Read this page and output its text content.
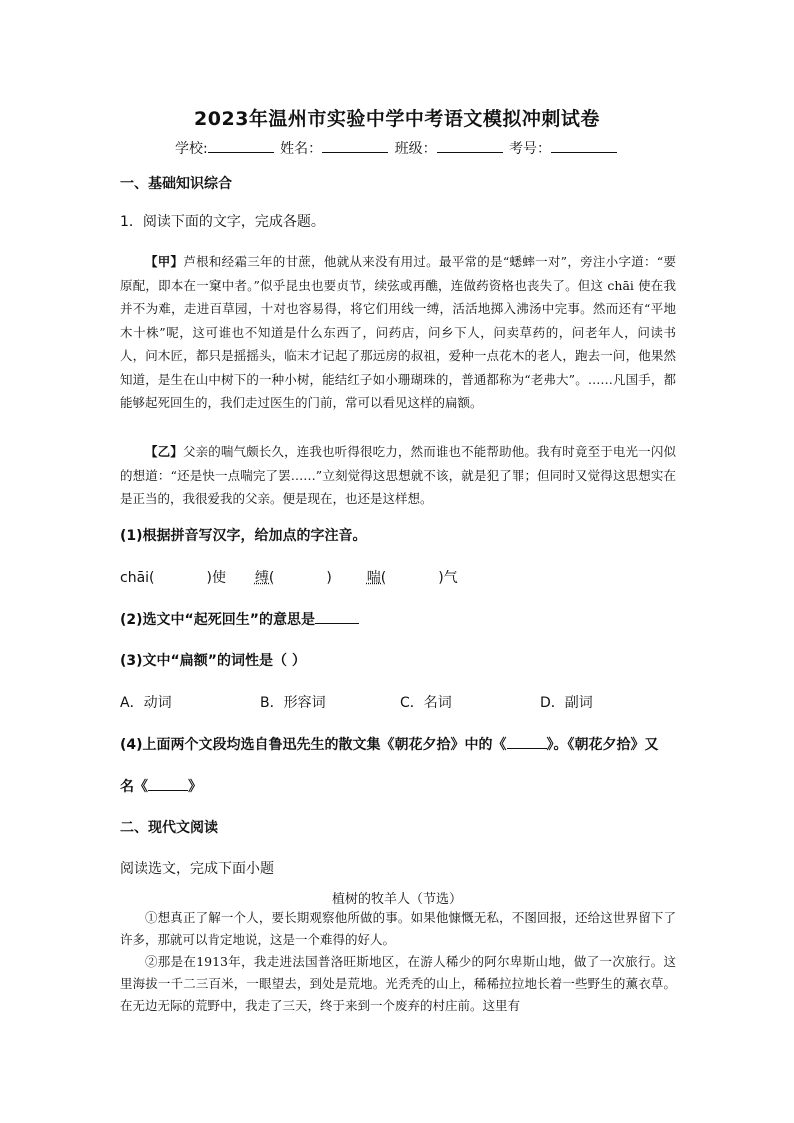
2023年温州市实验中学中考语文模拟冲刺试卷
学校:	姓名：	班级：	考号：
一、基础知识综合
1．阅读下面的文字，完成各题。
【甲】芦根和经霜三年的甘蔗，他就从来没有用过。最平常的是“蟋蟀一对”，旁注小字道：“要原配，即本在一窠中者。”似乎昆虫也要贞节，续弦或再醮，连做药资格也丧失了。但这 chāi 使在我并不为难，走进百草园，十对也容易得，将它们用线一缚，活活地掷入沸汤中完事。然而还有“平地木十株”呢，这可谁也不知道是什么东西了，问药店，问乡下人，问卖草药的，问老年人，问读书人，问木匠，都只是摇摇头，临末才记起了那远房的叔祖，爱种一点花木的老人，跑去一问，他果然知道，是生在山中树下的一种小树，能结红子如小珊瑚珠的，普通都称为“老弗大”。……凡国手，都能够起死回生的，我们走过医生的门前，常可以看见这样的扁额。
【乙】父亲的喘气颇长久，连我也听得很吃力，然而谁也不能帮助他。我有时竟至于电光一闪似的想道：“还是快一点喘完了罢……”立刻觉得这思想就不该，就是犯了罪；但同时又觉得这思想实在是正当的，我很爱我的父亲。便是现在，也还是这样想。
(1)根据拼音写汉字，给加点的字注音。
chāi(	)使 缚(	) 喘(	)气
(2)选文中“起死回生”的意思是
(3)文中“扁额”的词性是（ ）
A．动词	B．形容词	C．名词	D．副词
(4)上面两个文段均选自鲁迅先生的散文集《朝花夕拾》中的《	》。《朝花夕拾》又
名《	》
二、现代文阅读
阅读选文，完成下面小题
植树的牧羊人（节选）
①想真正了解一个人，要长期观察他所做的事。如果他慷慨无私，不图回报，还给这世界留下了许多，那就可以肯定地说，这是一个难得的好人。
②那是在1913年，我走进法国普洛旺斯地区，在游人稀少的阿尔卑斯山地，做了一次旅行。这里海拔一千二三百米，一眼望去，到处是荒地。光秃秃的山上，稀稀拉拉地长着一些野生的薰衣草。在无边无际的荒野中，我走了三天，终于来到一个废弃的村庄前。这里有
